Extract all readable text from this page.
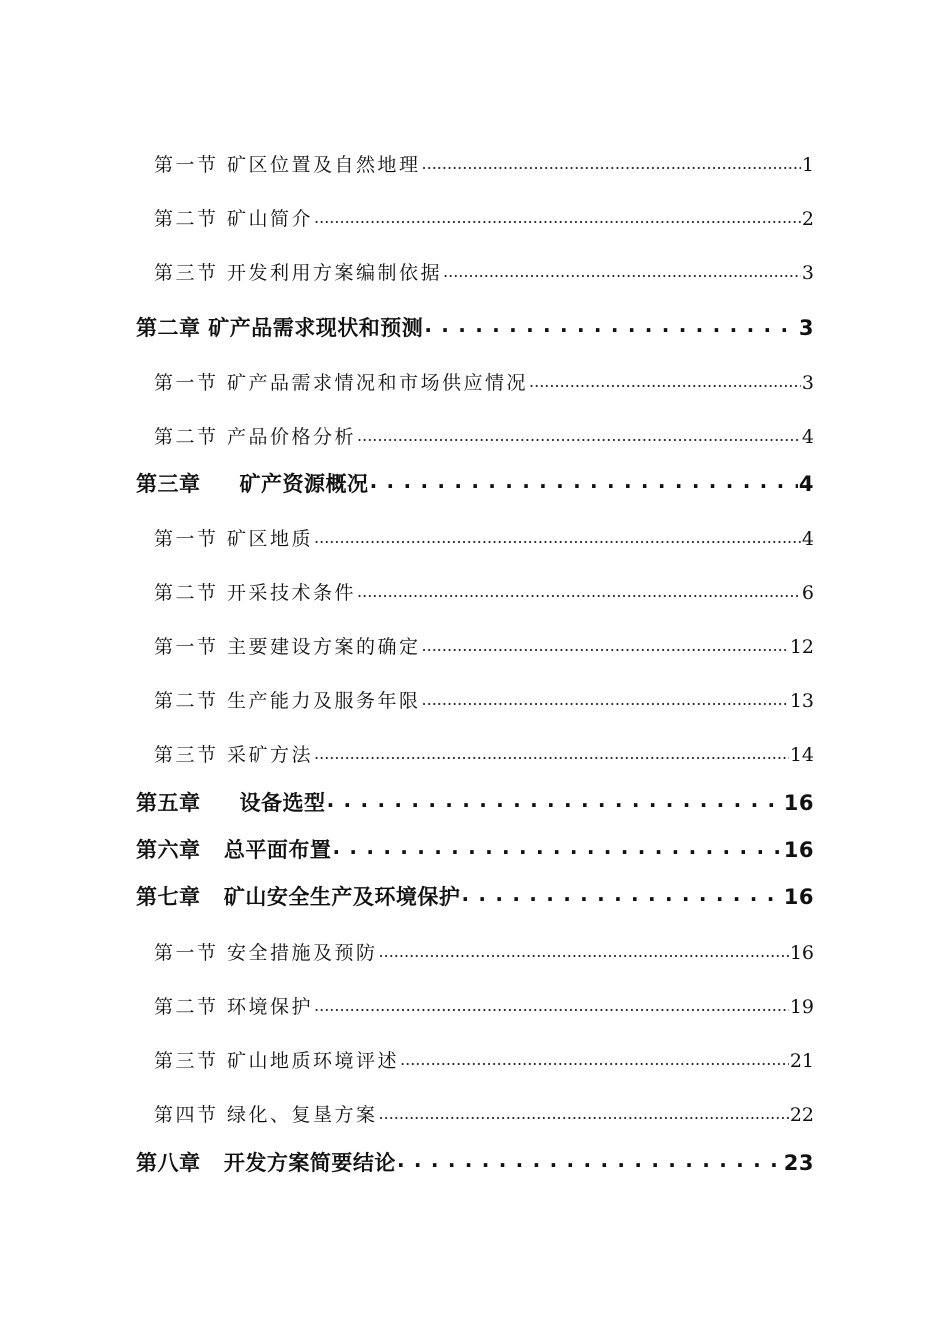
第一节 矿区位置及自然地理 .....	1
第二节 矿山简介 .....	2
第三节 开发利用方案编制依据 .....	3
第二章 矿产品需求现状和预测 . . .	3
第一节 矿产品需求情况和市场供应情况 .....	3
第二节 产品价格分析 .....	4
第三章     矿产资源概况 . . .	4
第一节 矿区地质 .....	4
第二节 开采技术条件 .....	6
第一节 主要建设方案的确定 .....	12
第二节 生产能力及服务年限 .....	13
第三节 采矿方法 .....	14
第五章     设备选型 . . .	16
第六章   总平面布置 . . .	16
第七章   矿山安全生产及环境保护 . . .	16
第一节 安全措施及预防 .....	16
第二节 环境保护 .....	19
第三节 矿山地质环境评述 .....	21
第四节 绿化、复垦方案 .....	22
第八章   开发方案简要结论 . . .	23
